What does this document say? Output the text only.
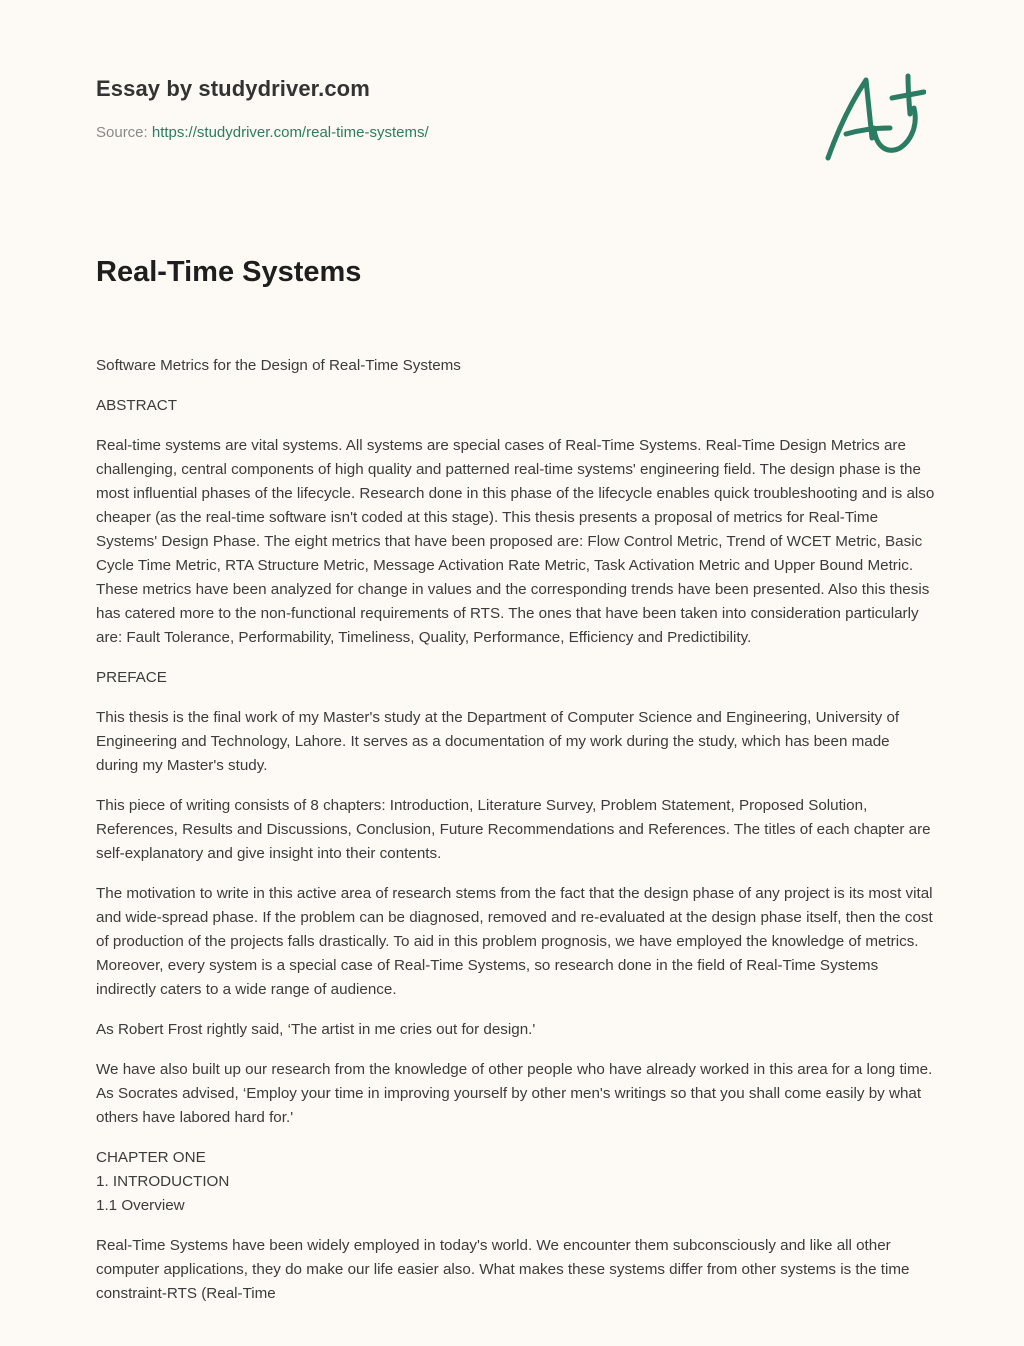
Essay by studydriver.com
Source: https://studydriver.com/real-time-systems/
Real-Time Systems

Software Metrics for the Design of Real-Time Systems

ABSTRACT

Real-time systems are vital systems. All systems are special cases of Real-Time Systems. Real-Time Design Metrics are challenging, central components of high quality and patterned real-time systems' engineering field. The design phase is the most influential phases of the lifecycle. Research done in this phase of the lifecycle enables quick troubleshooting and is also cheaper (as the real-time software isn't coded at this stage). This thesis presents a proposal of metrics for Real-Time Systems' Design Phase. The eight metrics that have been proposed are: Flow Control Metric, Trend of WCET Metric, Basic Cycle Time Metric, RTA Structure Metric, Message Activation Rate Metric, Task Activation Metric and Upper Bound Metric. These metrics have been analyzed for change in values and the corresponding trends have been presented. Also this thesis has catered more to the non-functional requirements of RTS. The ones that have been taken into consideration particularly are: Fault Tolerance, Performability, Timeliness, Quality, Performance, Efficiency and Predictibility.

PREFACE

This thesis is the final work of my Master's study at the Department of Computer Science and Engineering, University of Engineering and Technology, Lahore. It serves as a documentation of my work during the study, which has been made during my Master's study.

This piece of writing consists of 8 chapters: Introduction, Literature Survey, Problem Statement, Proposed Solution, References, Results and Discussions, Conclusion, Future Recommendations and References. The titles of each chapter are self-explanatory and give insight into their contents.

The motivation to write in this active area of research stems from the fact that the design phase of any project is its most vital and wide-spread phase. If the problem can be diagnosed, removed and re-evaluated at the design phase itself, then the cost of production of the projects falls drastically. To aid in this problem prognosis, we have employed the knowledge of metrics. Moreover, every system is a special case of Real-Time Systems, so research done in the field of Real-Time Systems indirectly caters to a wide range of audience.

As Robert Frost rightly said, ‘The artist in me cries out for design.'

We have also built up our research from the knowledge of other people who have already worked in this area for a long time. As Socrates advised, ‘Employ your time in improving yourself by other men's writings so that you shall come easily by what others have labored hard for.'

CHAPTER ONE
1. INTRODUCTION
1.1 Overview

Real-Time Systems have been widely employed in today's world. We encounter them subconsciously and like all other computer applications, they do make our life easier also. What makes these systems differ from other systems is the time constraint-RTS (Real-Time
